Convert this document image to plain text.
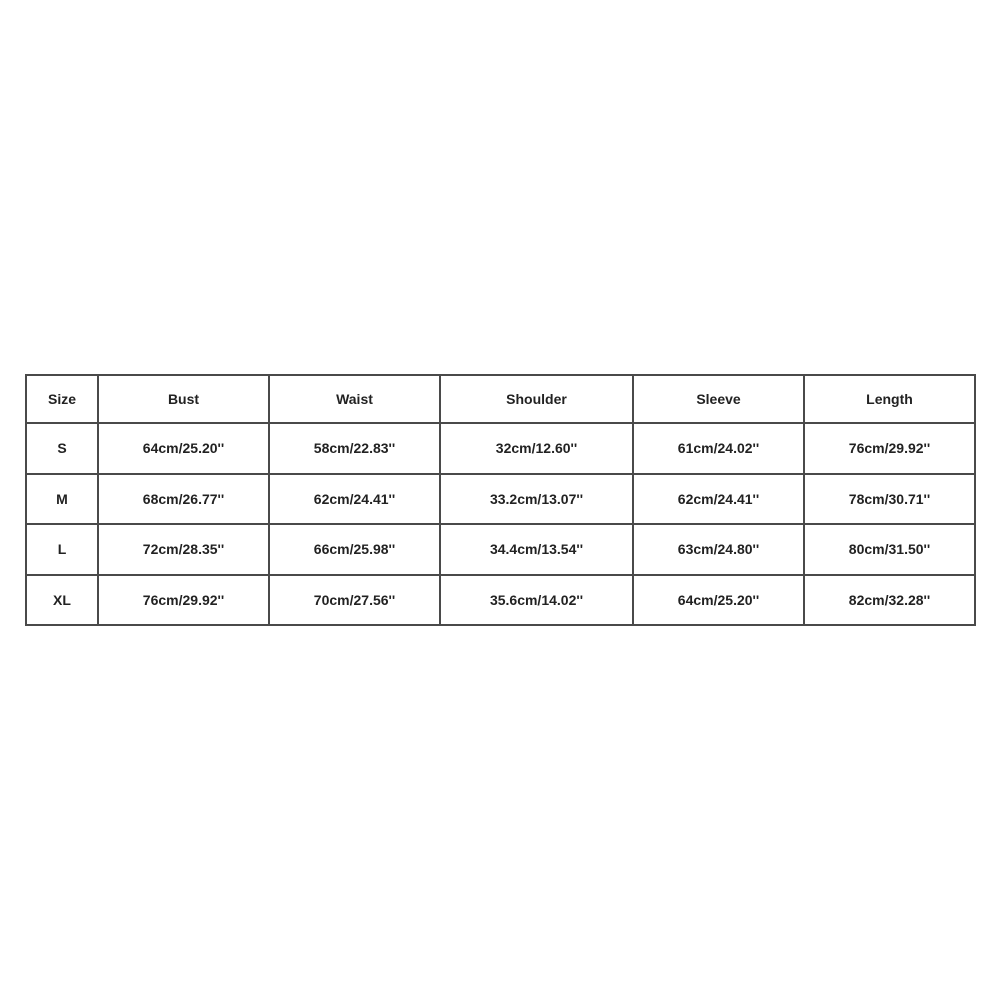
Size	Bust	Waist	Shoulder	Sleeve	Length
S	64cm/25.20''	58cm/22.83''	32cm/12.60''	61cm/24.02''	76cm/29.92''
M	68cm/26.77''	62cm/24.41''	33.2cm/13.07''	62cm/24.41''	78cm/30.71''
L	72cm/28.35''	66cm/25.98''	34.4cm/13.54''	63cm/24.80''	80cm/31.50''
XL	76cm/29.92''	70cm/27.56''	35.6cm/14.02''	64cm/25.20''	82cm/32.28''
